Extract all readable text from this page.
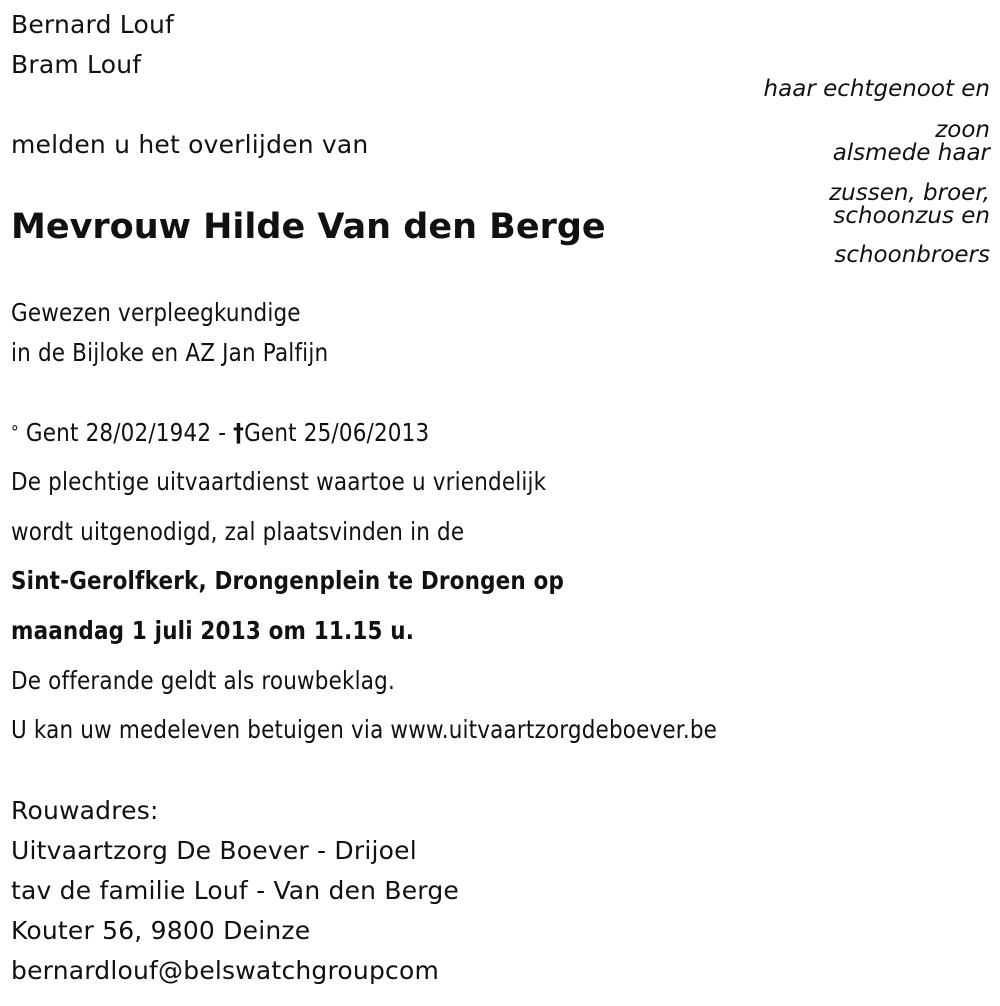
Bernard Louf
Bram Louf
melden u het overlijden van
haar echtgenoot en
zoon
alsmede haar
zussen, broer,
schoonzus en
schoonbroers
Mevrouw Hilde Van den Berge
Gewezen verpleegkundige
in de Bijloke en AZ Jan Palfijn
° Gent 28/02/1942 - †Gent 25/06/2013
De plechtige uitvaartdienst waartoe u vriendelijk
wordt uitgenodigd, zal plaatsvinden in de
Sint-Gerolfkerk, Drongenplein te Drongen op
maandag 1 juli 2013 om 11.15 u.
De offerande geldt als rouwbeklag.
U kan uw medeleven betuigen via www.uitvaartzorgdeboever.be
Rouwadres:
Uitvaartzorg De Boever - Drijoel
tav de familie Louf - Van den Berge
Kouter 56, 9800 Deinze
bernardlouf@belswatchgroupcom
